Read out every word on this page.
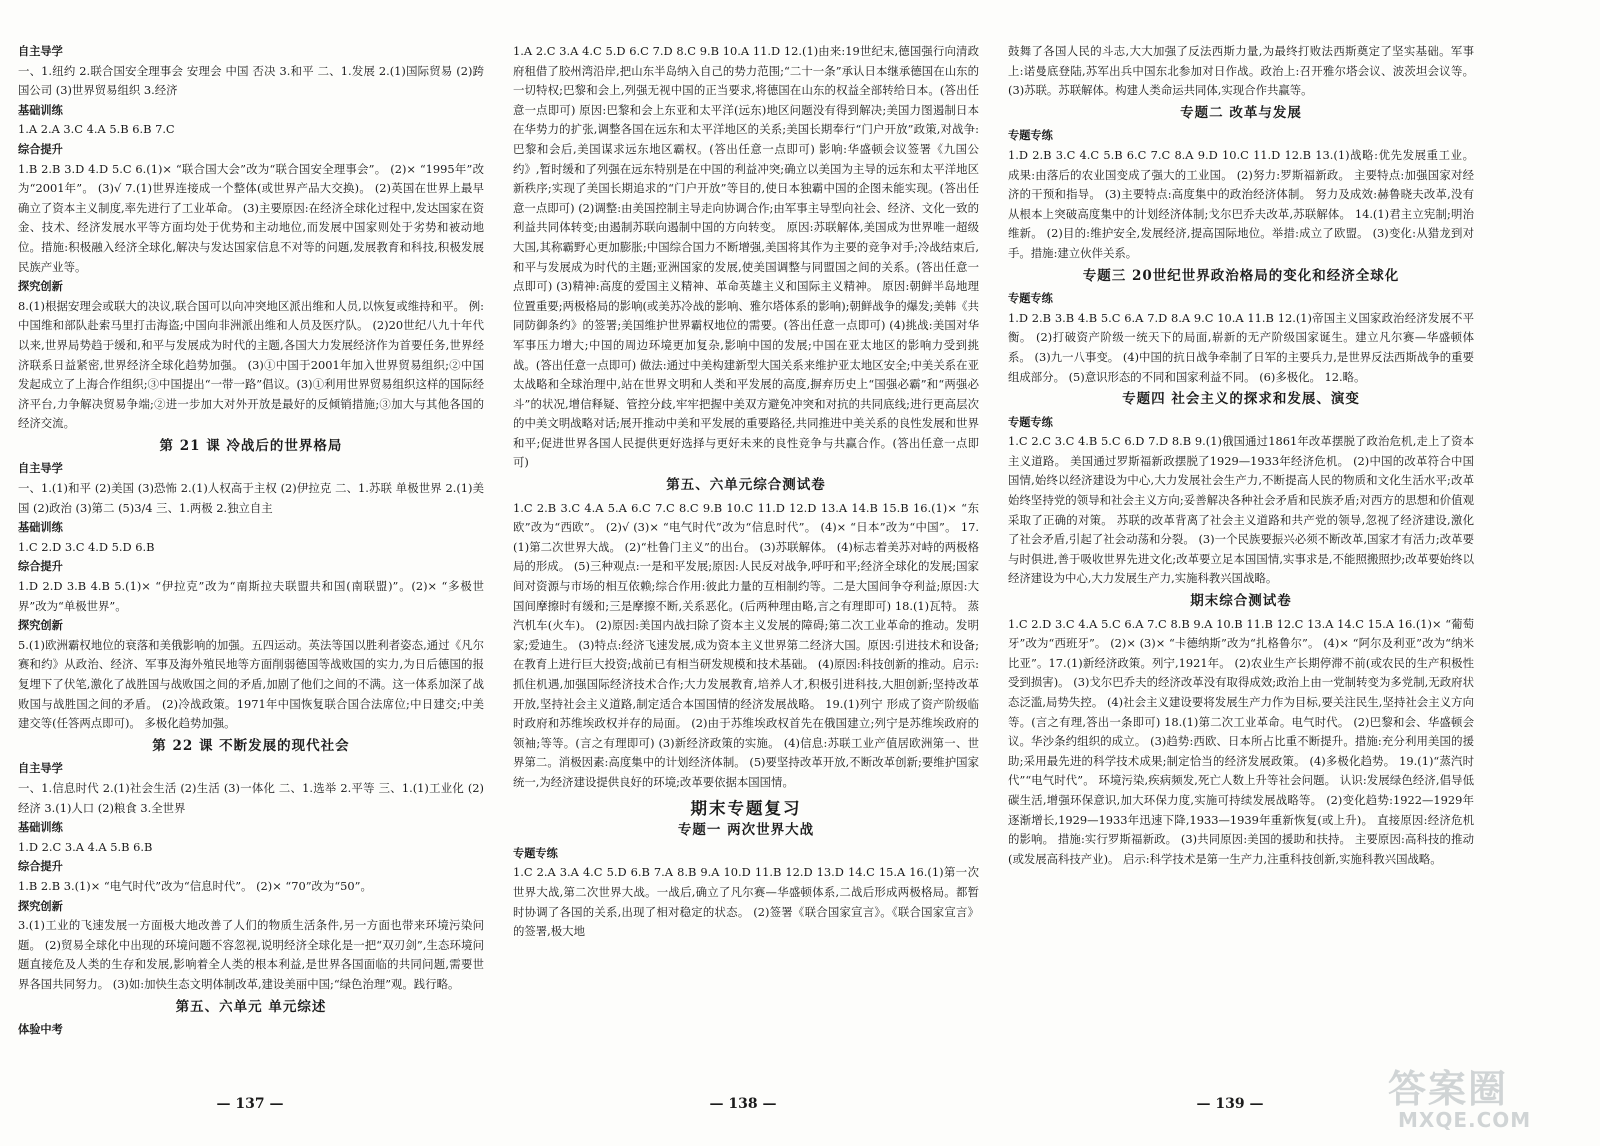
自主导学

一、1.纽约 2.联合国安全理事会 安理会 中国 否决 3.和平 二、1.发展 2.(1)国际贸易 (2)跨国公司 (3)世界贸易组织 3.经济

基础训练

1.A 2.A 3.C 4.A 5.B 6.B 7.C

综合提升

1.B 2.B 3.D 4.D 5.C 6.(1)× “联合国大会”改为“联合国安全理事会”。 (2)× “1995年”改为“2001年”。 (3)√ 7.(1)世界连接成一个整体(或世界产品大交换)。 (2)英国在世界上最早确立了资本主义制度,率先进行了工业革命。 (3)主要原因:在经济全球化过程中,发达国家在资金、技术、经济发展水平等方面均处于优势和主动地位,而发展中国家则处于劣势和被动地位。措施:积极融入经济全球化,解决与发达国家信息不对等的问题,发展教育和科技,积极发展民族产业等。

探究创新

8.(1)根据安理会或联大的决议,联合国可以向冲突地区派出维和人员,以恢复或维持和平。 例:中国维和部队赴索马里打击海盗;中国向非洲派出维和人员及医疗队。 (2)20世纪八九十年代以来,世界局势趋于缓和,和平与发展成为时代的主题,各国大力发展经济作为首要任务,世界经济联系日益紧密,世界经济全球化趋势加强。 (3)①中国于2001年加入世界贸易组织;②中国发起成立了上海合作组织;③中国提出“一带一路”倡议。(3)①利用世界贸易组织这样的国际经济平台,力争解决贸易争端;②进一步加大对外开放是最好的反倾销措施;③加大与其他各国的经济交流。

第 21 课 冷战后的世界格局
自主导学

一、1.(1)和平 (2)美国 (3)恐怖 2.(1)人权高于主权 (2)伊拉克 二、1.苏联 单极世界 2.(1)美国 (2)政治 (3)第二 (5)3/4 三、1.两极 2.独立自主

基础训练

1.C 2.D 3.C 4.D 5.D 6.B

综合提升

1.D 2.D 3.B 4.B 5.(1)× “伊拉克”改为“南斯拉夫联盟共和国(南联盟)”。(2)× “多极世界”改为“单极世界”。

探究创新

5.(1)欧洲霸权地位的衰落和美俄影响的加强。五四运动。英法等国以胜利者姿态,通过《凡尔赛和约》从政治、经济、军事及海外殖民地等方面削弱德国等战败国的实力,为日后德国的报复埋下了伏笔,激化了战胜国与战败国之间的矛盾,加剧了他们之间的不满。这一体系加深了战败国与战胜国之间的矛盾。 (2)冷战政策。1971年中国恢复联合国合法席位;中日建交;中美建交等(任答两点即可)。 多极化趋势加强。

第 22 课 不断发展的现代社会
自主导学

一、1.信息时代 2.(1)社会生活 (2)生活 (3)一体化 二、1.选举 2.平等 三、1.(1)工业化 (2)经济 3.(1)人口 (2)粮食 3.全世界

基础训练

1.D 2.C 3.A 4.A 5.B 6.B

综合提升

1.B 2.B 3.(1)× “电气时代”改为“信息时代”。 (2)× “70”改为“50”。

探究创新

3.(1)工业的飞速发展一方面极大地改善了人们的物质生活条件,另一方面也带来环境污染问题。 (2)贸易全球化中出现的环境问题不容忽视,说明经济全球化是一把“双刃剑”,生态环境问题直接危及人类的生存和发展,影响着全人类的根本利益,是世界各国面临的共同问题,需要世界各国共同努力。 (3)如:加快生态文明体制改革,建设美丽中国;“绿色治理”观。践行略。

第五、六单元 单元综述
体验中考

1.A 2.C 3.A 4.C 5.D 6.C 7.D 8.C 9.B 10.A 11.D 12.(1)由来:19世纪末,德国强行向清政府租借了胶州湾沿岸,把山东半岛纳入自己的势力范围;“二十一条”承认日本继承德国在山东的一切特权;巴黎和会上,列强无视中国的正当要求,将德国在山东的权益全部转给日本。(答出任意一点即可) 原因:巴黎和会上东亚和太平洋(远东)地区问题没有得到解决;美国力图遏制日本在华势力的扩张,调整各国在远东和太平洋地区的关系;美国长期奉行“门户开放”政策,对战争:巴黎和会后,美国谋求远东地区霸权。(答出任意一点即可) 影响:华盛顿会议签署《九国公约》,暂时缓和了列强在远东特别是在中国的利益冲突;确立以美国为主导的远东和太平洋地区新秩序;实现了美国长期追求的“门户开放”等目的,使日本独霸中国的企图未能实现。(答出任意一点即可) (2)调整:由美国控制主导走向协调合作;由军事主导型向社会、经济、文化一致的利益共同体转变;由遏制苏联向遏制中国的方向转变。 原因:苏联解体,美国成为世界唯一超级大国,其称霸野心更加膨胀;中国综合国力不断增强,美国将其作为主要的竞争对手;冷战结束后,和平与发展成为时代的主题;亚洲国家的发展,使美国调整与同盟国之间的关系。(答出任意一点即可) (3)精神:高度的爱国主义精神、革命英雄主义和国际主义精神。 原因:朝鲜半岛地理位置重要;两极格局的影响(或美苏冷战的影响、雅尔塔体系的影响);朝鲜战争的爆发;美韩《共同防御条约》的签署;美国维护世界霸权地位的需要。(答出任意一点即可) (4)挑战:美国对华军事压力增大;中国的周边环境更加复杂,影响中国的发展;中国在亚太地区的影响力受到挑战。(答出任意一点即可) 做法:通过中美构建新型大国关系来维护亚太地区安全;中美关系在亚太战略和全球治理中,站在世界文明和人类和平发展的高度,摒弃历史上“国强必霸”和“两强必斗”的状况,增信释疑、管控分歧,牢牢把握中美双方避免冲突和对抗的共同底线;进行更高层次的中美文明战略对话;展开推动中美和平发展的重要路径,共同推进中美关系的良性发展和世界和平;促进世界各国人民提供更好选择与更好未来的良性竞争与共赢合作。(答出任意一点即可)

第五、六单元综合测试卷

1.C 2.B 3.C 4.A 5.A 6.C 7.C 8.C 9.B 10.C 11.D 12.D 13.A 14.B 15.B 16.(1)× “东欧”改为“西欧”。 (2)√ (3)× “电气时代”改为“信息时代”。 (4)× “日本”改为“中国”。 17.(1)第二次世界大战。 (2)“杜鲁门主义”的出台。 (3)苏联解体。 (4)标志着美苏对峙的两极格局的形成。 (5)三种观点:一是和平发展;原因:人民反对战争,呼吁和平;经济全球化的发展;国家间对资源与市场的相互依赖;综合作用:彼此力量的互相制约等。二是大国间争夺利益;原因:大国间摩擦时有缓和;三是摩擦不断,关系恶化。(后两种理由略,言之有理即可) 18.(1)瓦特。 蒸汽机车(火车)。 (2)原因:美国内战扫除了资本主义发展的障碍;第二次工业革命的推动。发明家;爱迪生。 (3)特点:经济飞速发展,成为资本主义世界第二经济大国。原因:引进技术和设备;在教育上进行巨大投资;战前已有相当研发规模和技术基础。 (4)原因:科技创新的推动。启示:抓住机遇,加强国际经济技术合作;大力发展教育,培养人才,积极引进科技,大胆创新;坚持改革开放,坚持社会主义道路,制定适合本国国情的经济发展战略。 19.(1)列宁 形成了资产阶级临时政府和苏维埃政权并存的局面。 (2)由于苏维埃政权首先在俄国建立;列宁是苏维埃政府的领袖;等等。(言之有理即可) (3)新经济政策的实施。 (4)信息:苏联工业产值居欧洲第一、世界第二。消极因素:高度集中的计划经济体制。 (5)要坚持改革开放,不断改革创新;要维护国家统一,为经济建设提供良好的环境;改革要依据本国国情。

期末专题复习
专题一 两次世界大战
专题专练

1.C 2.A 3.A 4.C 5.D 6.B 7.A 8.B 9.A 10.D 11.B 12.D 13.D 14.C 15.A 16.(1)第一次世界大战,第二次世界大战。一战后,确立了凡尔赛—华盛顿体系,二战后形成两极格局。都暂时协调了各国的关系,出现了相对稳定的状态。 (2)签署《联合国家宣言》。《联合国家宣言》的签署,极大地

鼓舞了各国人民的斗志,大大加强了反法西斯力量,为最终打败法西斯奠定了坚实基础。军事上:诺曼底登陆,苏军出兵中国东北参加对日作战。政治上:召开雅尔塔会议、波茨坦会议等。 (3)苏联。苏联解体。构建人类命运共同体,实现合作共赢等。

专题二 改革与发展
专题专练

1.D 2.B 3.C 4.C 5.B 6.C 7.C 8.A 9.D 10.C 11.D 12.B 13.(1)战略:优先发展重工业。 成果:由落后的农业国变成了强大的工业国。 (2)努力:罗斯福新政。 主要特点:加强国家对经济的干预和指导。 (3)主要特点:高度集中的政治经济体制。 努力及成效:赫鲁晓夫改革,没有从根本上突破高度集中的计划经济体制;戈尔巴乔夫改革,苏联解体。 14.(1)君主立宪制;明治维新。 (2)目的:维护安全,发展经济,提高国际地位。举措:成立了欧盟。 (3)变化:从猎龙到对手。措施:建立伙伴关系。

专题三 20世纪世界政治格局的变化和经济全球化
专题专练

1.D 2.B 3.B 4.B 5.C 6.A 7.D 8.A 9.C 10.A 11.B 12.(1)帝国主义国家政治经济发展不平衡。 (2)打破资产阶级一统天下的局面,崭新的无产阶级国家诞生。建立凡尔赛—华盛顿体系。 (3)九一八事变。 (4)中国的抗日战争牵制了日军的主要兵力,是世界反法西斯战争的重要组成部分。 (5)意识形态的不同和国家利益不同。 (6)多极化。 12.略。

专题四 社会主义的探求和发展、演变
专题专练

1.C 2.C 3.C 4.B 5.C 6.D 7.D 8.B 9.(1)俄国通过1861年改革摆脱了政治危机,走上了资本主义道路。 美国通过罗斯福新政摆脱了1929—1933年经济危机。 (2)中国的改革符合中国国情,始终以经济建设为中心,大力发展社会生产力,不断提高人民的物质和文化生活水平;改革始终坚持党的领导和社会主义方向;妥善解决各种社会矛盾和民族矛盾;对西方的思想和价值观采取了正确的对策。 苏联的改革背离了社会主义道路和共产党的领导,忽视了经济建设,激化了社会矛盾,引起了社会动荡和分裂。 (3)一个民族要振兴必须不断改革,国家才有活力;改革要与时俱进,善于吸收世界先进文化;改革要立足本国国情,实事求是,不能照搬照抄;改革要始终以经济建设为中心,大力发展生产力,实施科教兴国战略。

期末综合测试卷

1.C 2.D 3.C 4.A 5.C 6.A 7.C 8.B 9.A 10.B 11.B 12.C 13.A 14.C 15.A 16.(1)× “葡萄牙”改为“西班牙”。 (2)× (3)× “卡德纳斯”改为“扎格鲁尔”。 (4)× “阿尔及利亚”改为“纳米比亚”。17.(1)新经济政策。列宁,1921年。 (2)农业生产长期停滞不前(或农民的生产积极性受到损害)。 (3)戈尔巴乔夫的经济改革没有取得成效;政治上由一党制转变为多党制,无政府状态泛滥,局势失控。 (4)社会主义建设要将发展生产力作为目标,要关注民生,坚持社会主义方向等。(言之有理,答出一条即可) 18.(1)第二次工业革命。电气时代。 (2)巴黎和会、华盛顿会议。华沙条约组织的成立。 (3)趋势:西欧、日本所占比重不断提升。措施:充分利用美国的援助;采用最先进的科学技术成果;制定恰当的经济发展政策。 (4)多极化趋势。 19.(1)“蒸汽时代”“电气时代”。 环境污染,疾病频发,死亡人数上升等社会问题。 认识:发展绿色经济,倡导低碳生活,增强环保意识,加大环保力度,实施可持续发展战略等。 (2)变化趋势:1922—1929年逐渐增长,1929—1933年迅速下降,1933—1939年重新恢复(或上升)。 直接原因:经济危机的影响。 措施:实行罗斯福新政。 (3)共同原因:美国的援助和扶持。 主要原因:高科技的推动(或发展高科技产业)。 启示:科学技术是第一生产力,注重科技创新,实施科教兴国战略。

— 137 —	— 138 —	— 139 —	答案圈
MXQE.COM
